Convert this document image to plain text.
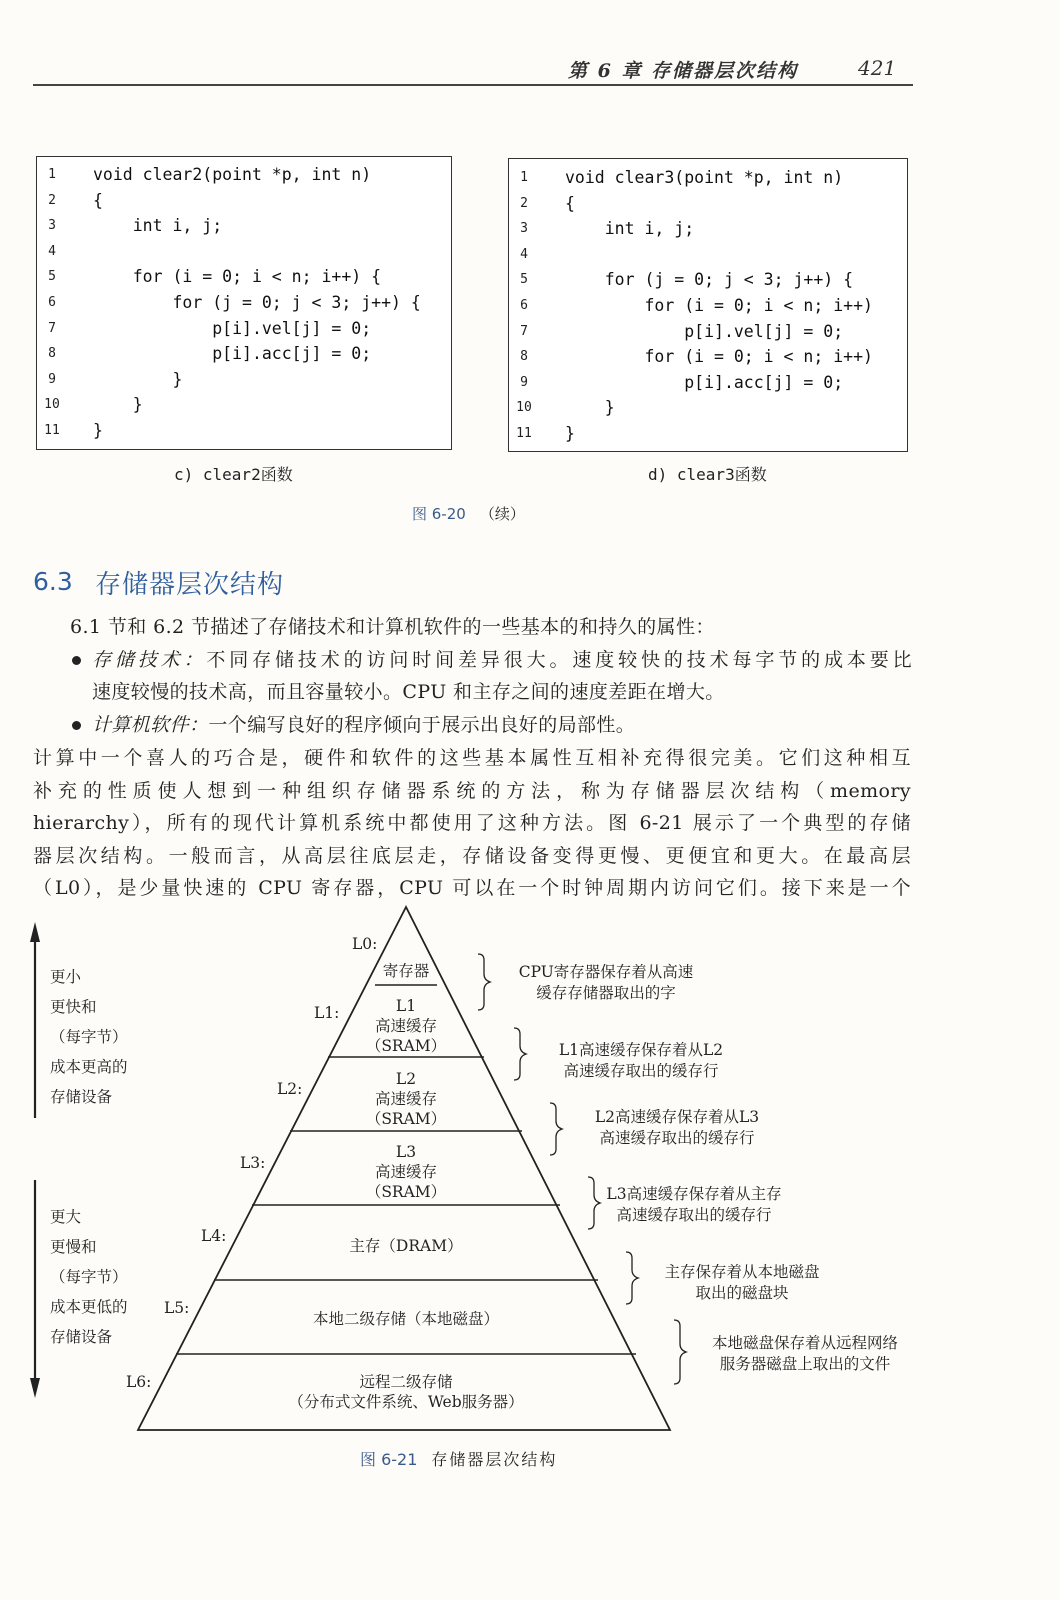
第 6 章 存储器层次结构	421
1	void clear2(point *p, int n)
2	{
3	int i, j;
4
5	for (i = 0; i < n; i++) {
6	for (j = 0; j < 3; j++) {
7	p[i].vel[j] = 0;
8	p[i].acc[j] = 0;
9	}
10	}
11	}
c) clear2函数
1	void clear3(point *p, int n)
2	{
3	int i, j;
4
5	for (j = 0; j < 3; j++) {
6	for (i = 0; i < n; i++)
7	p[i].vel[j] = 0;
8	for (i = 0; i < n; i++)
9	p[i].acc[j] = 0;
10	}
11	}
d) clear3函数
图 6-20 （续）
6.3 存储器层次结构
6.1 节和 6.2 节描述了存储技术和计算机软件的一些基本的和持久的属性：
存储技术：不同存储技术的访问时间差异很大。速度较快的技术每字节的成本要比
速度较慢的技术高，而且容量较小。CPU 和主存之间的速度差距在增大。
计算机软件：一个编写良好的程序倾向于展示出良好的局部性。
计算中一个喜人的巧合是，硬件和软件的这些基本属性互相补充得很完美。它们这种相互
补充的性质使人想到一种组织存储器系统的方法，称为存储器层次结构（memory
hierarchy），所有的现代计算机系统中都使用了这种方法。图 6-21 展示了一个典型的存储
器层次结构。一般而言，从高层往底层走，存储设备变得更慢、更便宜和更大。在最高层
（L0），是少量快速的 CPU 寄存器，CPU 可以在一个时钟周期内访问它们。接下来是一个
更小
更快和
（每字节）
成本更高的
存储设备
更大
更慢和
（每字节）
成本更低的
存储设备
L0:
L1:
L2:
L3:
L4:
L5:
L6:
寄存器
L1
高速缓存
（SRAM）
L2
高速缓存
（SRAM）
L3
高速缓存
（SRAM）
主存（DRAM）
本地二级存储（本地磁盘）
远程二级存储
（分布式文件系统、Web服务器）
CPU寄存器保存着从高速
缓存存储器取出的字
L1高速缓存保存着从L2
高速缓存取出的缓存行
L2高速缓存保存着从L3
高速缓存取出的缓存行
L3高速缓存保存着从主存
高速缓存取出的缓存行
主存保存着从本地磁盘
取出的磁盘块
本地磁盘保存着从远程网络
服务器磁盘上取出的文件
图 6-21 存储器层次结构
